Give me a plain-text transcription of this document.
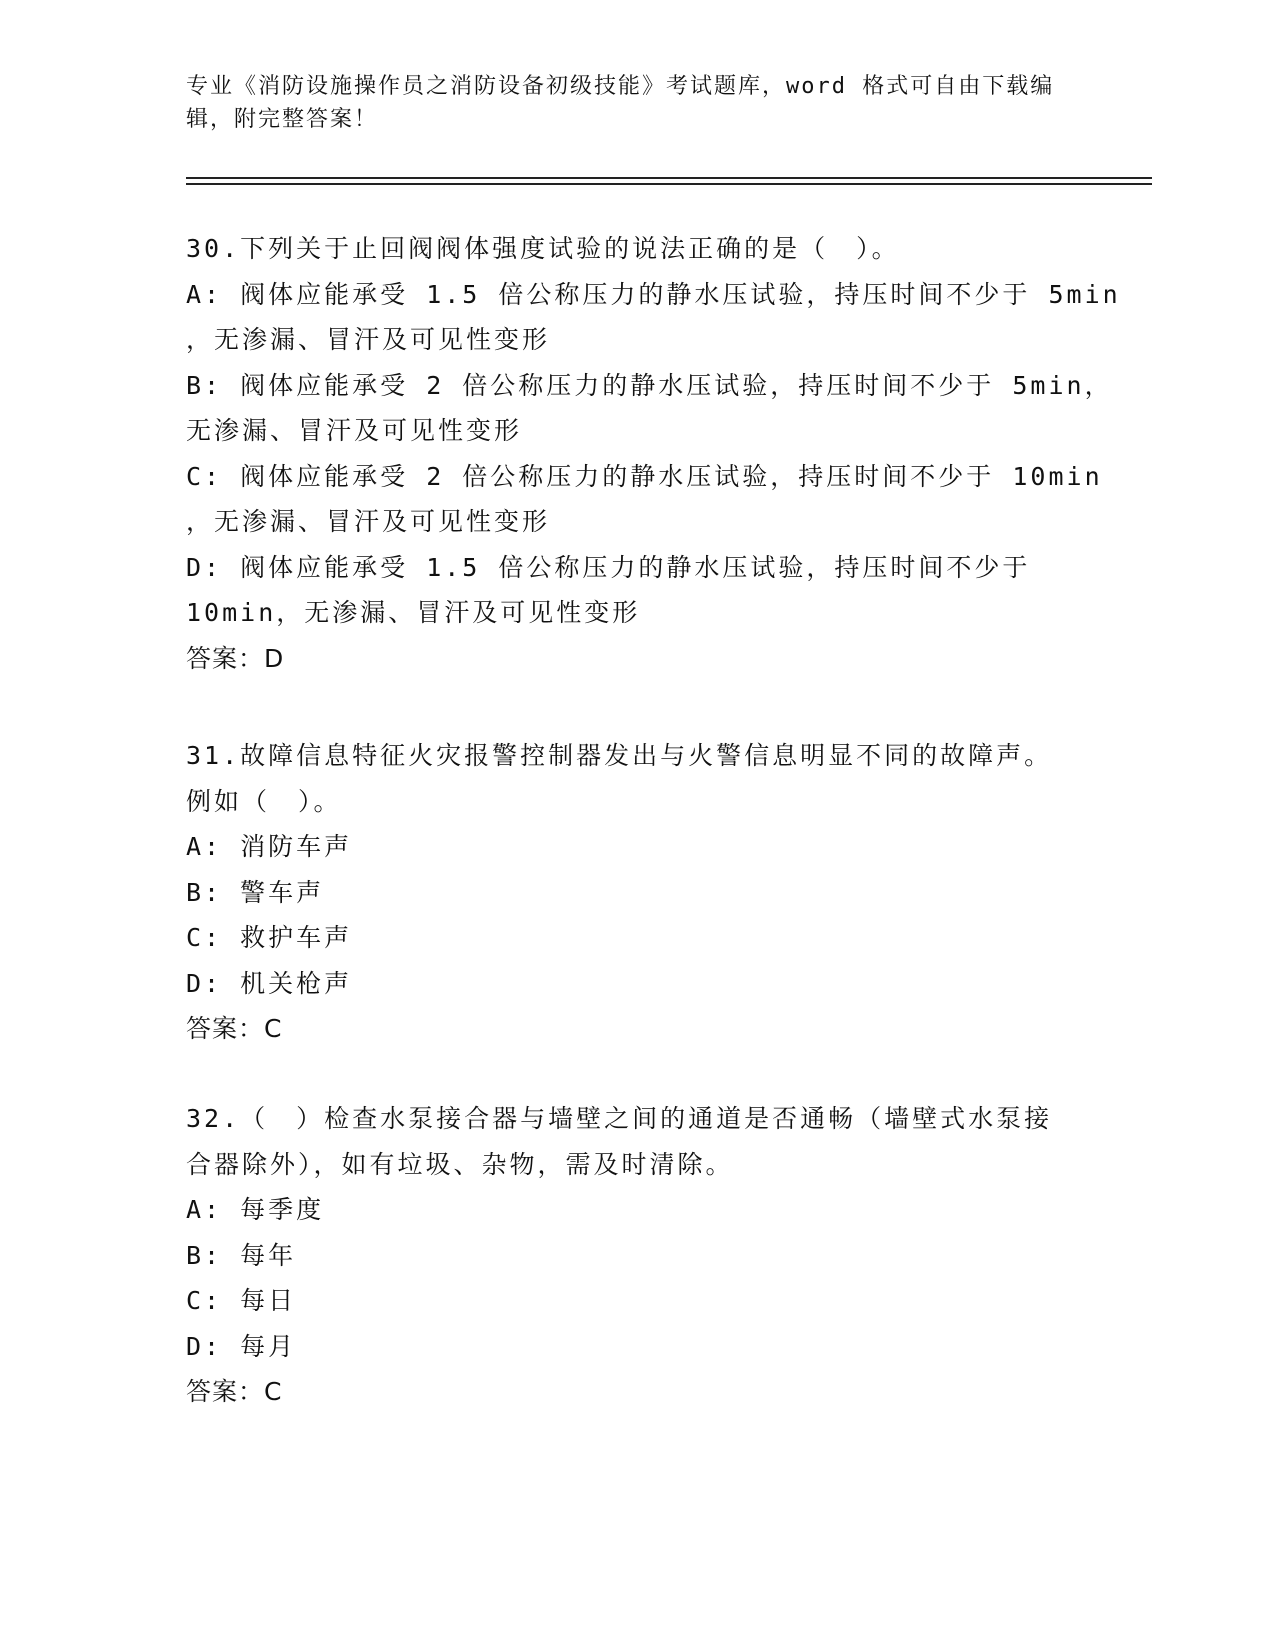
专业《消防设施操作员之消防设备初级技能》考试题库，word 格式可自由下载编
辑，附完整答案！
30.下列关于止回阀阀体强度试验的说法正确的是（　）。
A: 阀体应能承受 1.5 倍公称压力的静水压试验，持压时间不少于 5min
，无渗漏、冒汗及可见性变形
B: 阀体应能承受 2 倍公称压力的静水压试验，持压时间不少于 5min，
无渗漏、冒汗及可见性变形
C: 阀体应能承受 2 倍公称压力的静水压试验，持压时间不少于 10min
，无渗漏、冒汗及可见性变形
D: 阀体应能承受 1.5 倍公称压力的静水压试验，持压时间不少于
10min，无渗漏、冒汗及可见性变形
答案：D
31.故障信息特征火灾报警控制器发出与火警信息明显不同的故障声。
例如（　）。
A: 消防车声
B: 警车声
C: 救护车声
D: 机关枪声
答案：C
32.（　）检查水泵接合器与墙壁之间的通道是否通畅（墙壁式水泵接
合器除外），如有垃圾、杂物，需及时清除。
A: 每季度
B: 每年
C: 每日
D: 每月
答案：C
